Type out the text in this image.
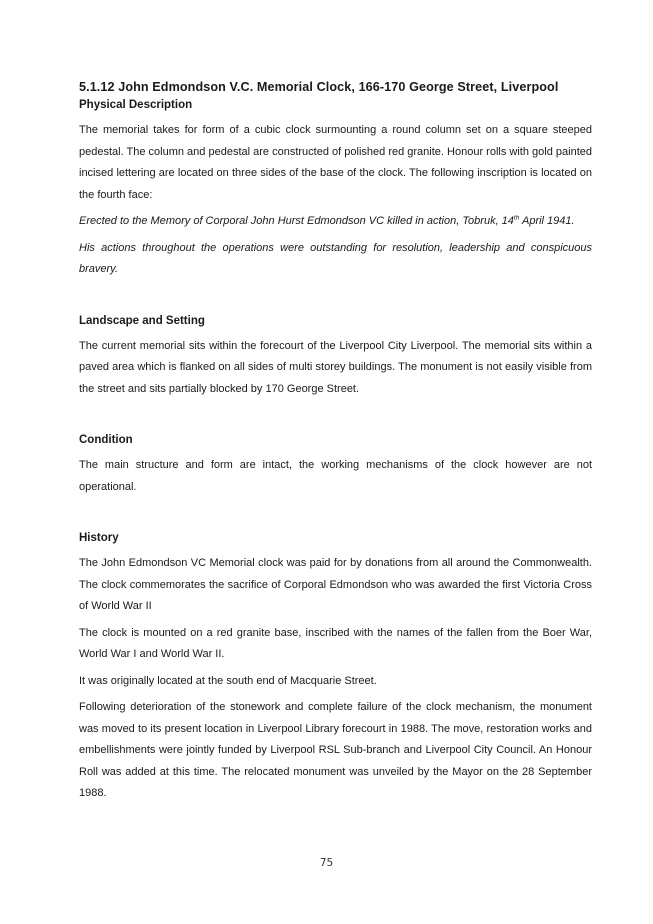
5.1.12 John Edmondson V.C. Memorial Clock, 166-170 George Street, Liverpool
Physical Description

The memorial takes for form of a cubic clock surmounting a round column set on a square steeped pedestal. The column and pedestal are constructed of polished red granite. Honour rolls with gold painted incised lettering are located on three sides of the base of the clock. The following inscription is located on the fourth face:

Erected to the Memory of Corporal John Hurst Edmondson VC killed in action, Tobruk, 14th April 1941.

His actions throughout the operations were outstanding for resolution, leadership and conspicuous bravery.

Landscape and Setting

The current memorial sits within the forecourt of the Liverpool City Liverpool. The memorial sits within a paved area which is flanked on all sides of multi storey buildings. The monument is not easily visible from the street and sits partially blocked by 170 George Street.

Condition

The main structure and form are intact, the working mechanisms of the clock however are not operational.

History

The John Edmondson VC Memorial clock was paid for by donations from all around the Commonwealth. The clock commemorates the sacrifice of Corporal Edmondson who was awarded the first Victoria Cross of World War II

The clock is mounted on a red granite base, inscribed with the names of the fallen from the Boer War, World War I and World War II.

It was originally located at the south end of Macquarie Street.

Following deterioration of the stonework and complete failure of the clock mechanism, the monument was moved to its present location in Liverpool Library forecourt in 1988. The move, restoration works and embellishments were jointly funded by Liverpool RSL Sub-branch and Liverpool City Council. An Honour Roll was added at this time. The relocated monument was unveiled by the Mayor on the 28 September 1988.

75
